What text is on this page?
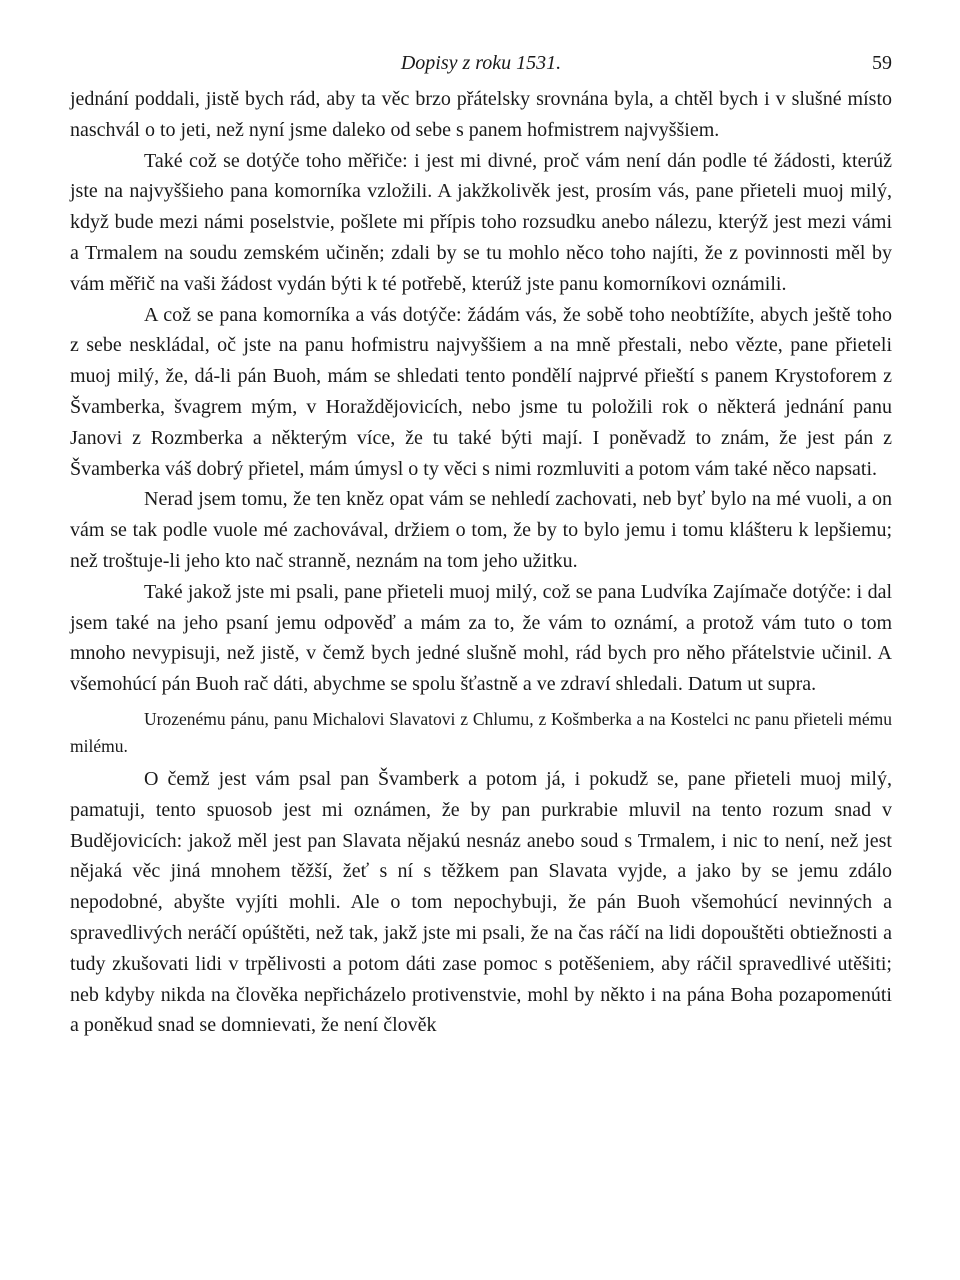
Dopisy z roku 1531.	59

jednání poddali, jistě bych rád, aby ta věc brzo přátelsky srovnána byla, a chtěl bych i v slušné místo naschvál o to jeti, než nyní jsme daleko od sebe s panem hofmistrem najvyššiem.

Také což se dotýče toho měřiče: i jest mi divné, proč vám není dán podle té žádosti, kterúž jste na najvyššieho pana komorníka vzložili. A jakžkolivěk jest, prosím vás, pane přieteli muoj milý, když bude mezi námi poselstvie, pošlete mi přípis toho rozsudku anebo nálezu, kterýž jest mezi vámi a Trmalem na soudu zemském učiněn; zdali by se tu mohlo něco toho najíti, že z povinnosti měl by vám měřič na vaši žádost vydán býti k té potřebě, kterúž jste panu komorníkovi oznámili.

A což se pana komorníka a vás dotýče: žádám vás, že sobě toho neobtížíte, abych ještě toho z sebe neskládal, oč jste na panu hofmistru najvyššiem a na mně přestali, nebo vězte, pane přieteli muoj milý, že, dá-li pán Buoh, mám se shledati tento pondělí najprvé přieští s panem Krystoforem z Švamberka, švagrem mým, v Horaždějovicích, nebo jsme tu položili rok o některá jednání panu Janovi z Rozmberka a některým více, že tu také býti mají. I poněvadž to znám, že jest pán z Švamberka váš dobrý přietel, mám úmysl o ty věci s nimi rozmluviti a potom vám také něco napsati.

Nerad jsem tomu, že ten kněz opat vám se nehledí zachovati, neb byť bylo na mé vuoli, a on vám se tak podle vuole mé zachovával, držiem o tom, že by to bylo jemu i tomu klášteru k lepšiemu; než troštuje-li jeho kto nač stranně, neznám na tom jeho užitku.

Také jakož jste mi psali, pane přieteli muoj milý, což se pana Ludvíka Zajímače dotýče: i dal jsem také na jeho psaní jemu odpověď a mám za to, že vám to oznámí, a protož vám tuto o tom mnoho nevypisuji, než jistě, v čemž bych jedné slušně mohl, rád bych pro něho přátelstvie učinil. A všemohúcí pán Buoh rač dáti, abychme se spolu šťastně a ve zdraví shledali. Datum ut supra.

Urozenému pánu, panu Michalovi Slavatovi z Chlumu, z Košmberka a na Kostelci nc panu přieteli mému milému.

O čemž jest vám psal pan Švamberk a potom já, i pokudž se, pane přieteli muoj milý, pamatuji, tento spuosob jest mi oznámen, že by pan purkrabie mluvil na tento rozum snad v Budějovicích: jakož měl jest pan Slavata nějakú nesnáz anebo soud s Trmalem, i nic to není, než jest nějaká věc jiná mnohem těžší, žeť s ní s těžkem pan Slavata vyjde, a jako by se jemu zdálo nepodobné, abyšte vyjíti mohli. Ale o tom nepochybuji, že pán Buoh všemohúcí nevinných a spravedlivých neráčí opúštěti, než tak, jakž jste mi psali, že na čas ráčí na lidi dopouštěti obtiežnosti a tudy zkušovati lidi v trpělivosti a potom dáti zase pomoc s potěšeniem, aby ráčil spravedlivé utěšiti; neb kdyby nikda na člověka nepřicházelo protivenstvie, mohl by někto i na pána Boha pozapomenúti a poněkud snad se domnievati, že není člověk
